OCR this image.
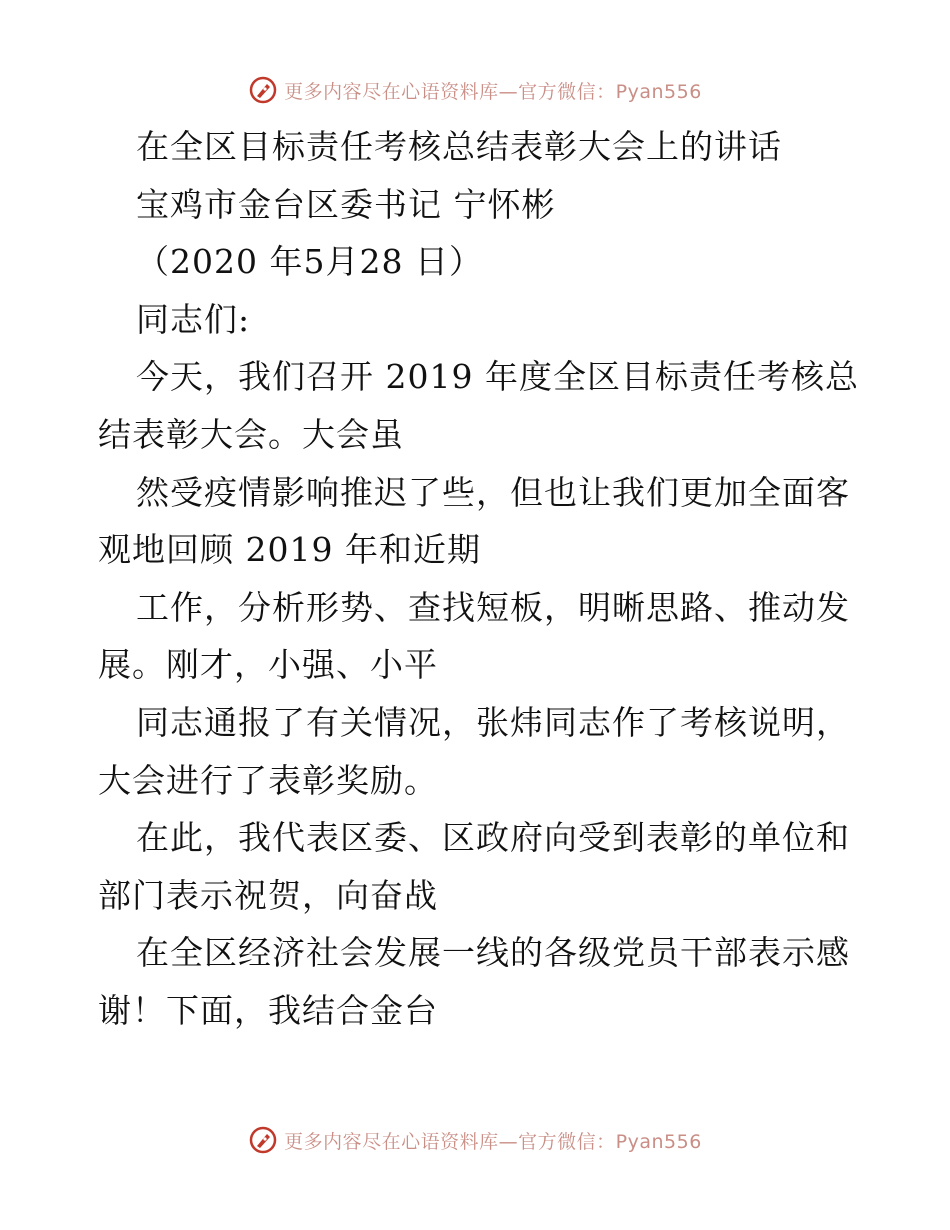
更多内容尽在心语资料库—官方微信：Pyan556
在全区目标责任考核总结表彰大会上的讲话
宝鸡市金台区委书记 宁怀彬
（2020 年5月28 日）
同志们:
今天，我们召开 2019 年度全区目标责任考核总
结表彰大会。大会虽
然受疫情影响推迟了些，但也让我们更加全面客
观地回顾 2019 年和近期
工作，分析形势、查找短板，明晰思路、推动发
展。刚才，小强、小平
同志通报了有关情况，张炜同志作了考核说明，
大会进行了表彰奖励。
在此，我代表区委、区政府向受到表彰的单位和
部门表示祝贺，向奋战
在全区经济社会发展一线的各级党员干部表示感
谢！下面，我结合金台
更多内容尽在心语资料库—官方微信：Pyan556
